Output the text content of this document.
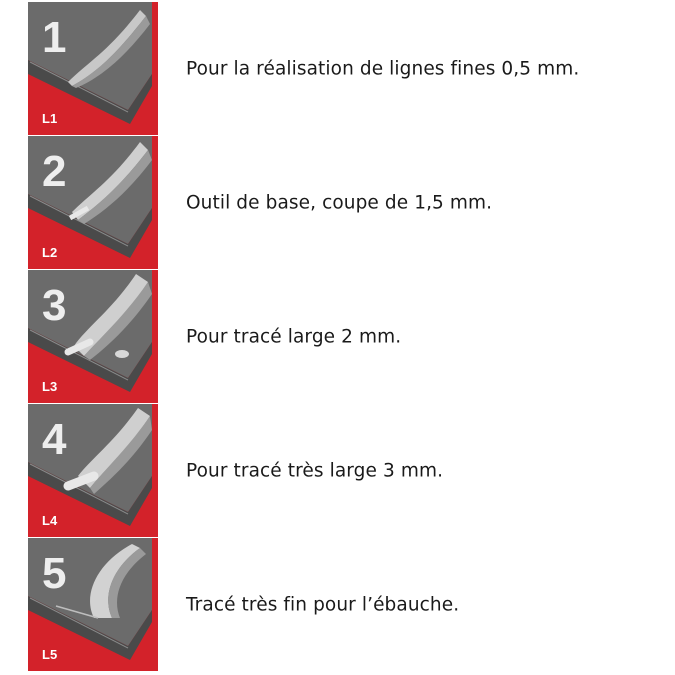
1
L1
Pour la réalisation de lignes fines 0,5 mm.
2
L2
Outil de base, coupe de 1,5 mm.
3
L3
Pour tracé large 2 mm.
4
L4
Pour tracé très large 3 mm.
5
L5
Tracé très fin pour l’ébauche.
